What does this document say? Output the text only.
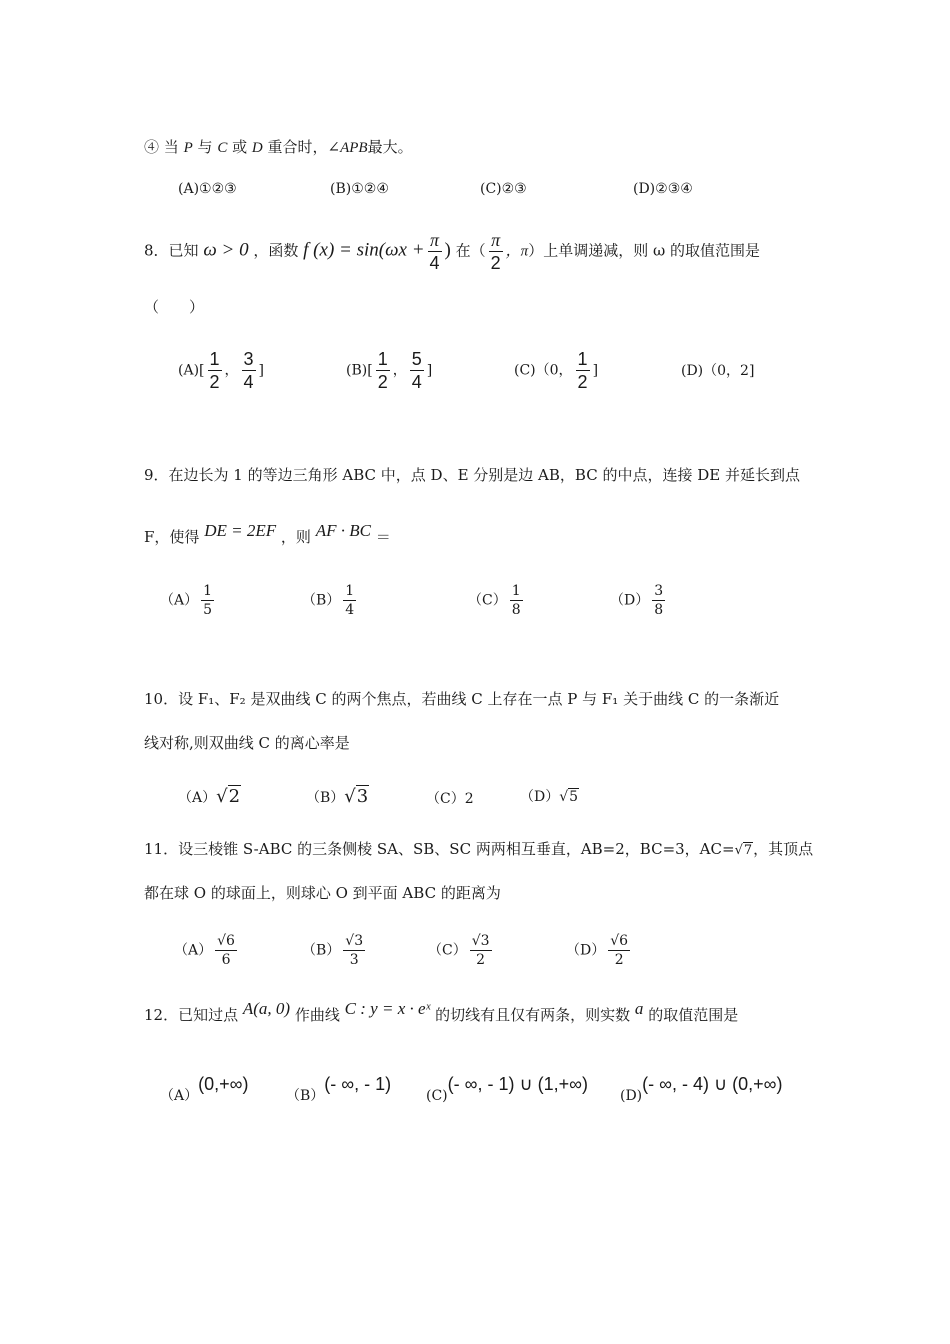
④ 当 P 与 C 或 D 重合时，∠APB最大。
(A)①②③	(B)①②④	(C)②③	(D)②③④
8．已知 ω > 0 ，函数 f $(x) = \sin(\omega x + \frac{\pi}{4}$ ) 在（ $\frac{\pi}{2}$ ，π）上单调递减，则 ω 的取值范围是
（　　）
$(A)[ \frac{1}{2}$ ， $\frac{3}{4}$ ]	$(B)[ \frac{1}{2}$ ， $\frac{5}{4}$ ]	(C)（0， $\frac{1}{2}$ ]	(D)（0，2]
9．在边长为 1 的等边三角形 ABC 中，点 D、E 分别是边 AB，BC 的中点，连接 DE 并延长到点
F，使得 DE = 2EF ，则 AF · BC ＝
$(A) \frac{1}{5}$	$(B) \frac{1}{4}$	$(C) \frac{1}{8}$	$(D) \frac{3}{8}$
10．设 F₁、F₂ 是双曲线 C 的两个焦点，若曲线 C 上存在一点 P 与 F₁ 关于曲线 C 的一条渐近
线对称,则双曲线 C 的离心率是
（A）√2	（B）√3	（C）2	（D）√5
11．设三棱锥 S-ABC 的三条侧棱 SA、SB、SC 两两相互垂直，AB=2，BC=3，AC=√7，其顶点
都在球 O 的球面上，则球心 O 到平面 ABC 的距离为
$(A) \frac{√6}{6}$	$(B) \frac{√3}{3}$	$(C) \frac{√3}{2}$	$(D) \frac{√6}{2}$
12．已知过点 A(a, 0) 作曲线 C : y = x · eˣ 的切线有且仅有两条，则实数 a 的取值范围是
（A）(0,+∞)
（B）(- ∞, - 1)
(C)(- ∞, - 1) ∪ (1,+∞)
(D)(- ∞, - 4) ∪ (0,+∞)
